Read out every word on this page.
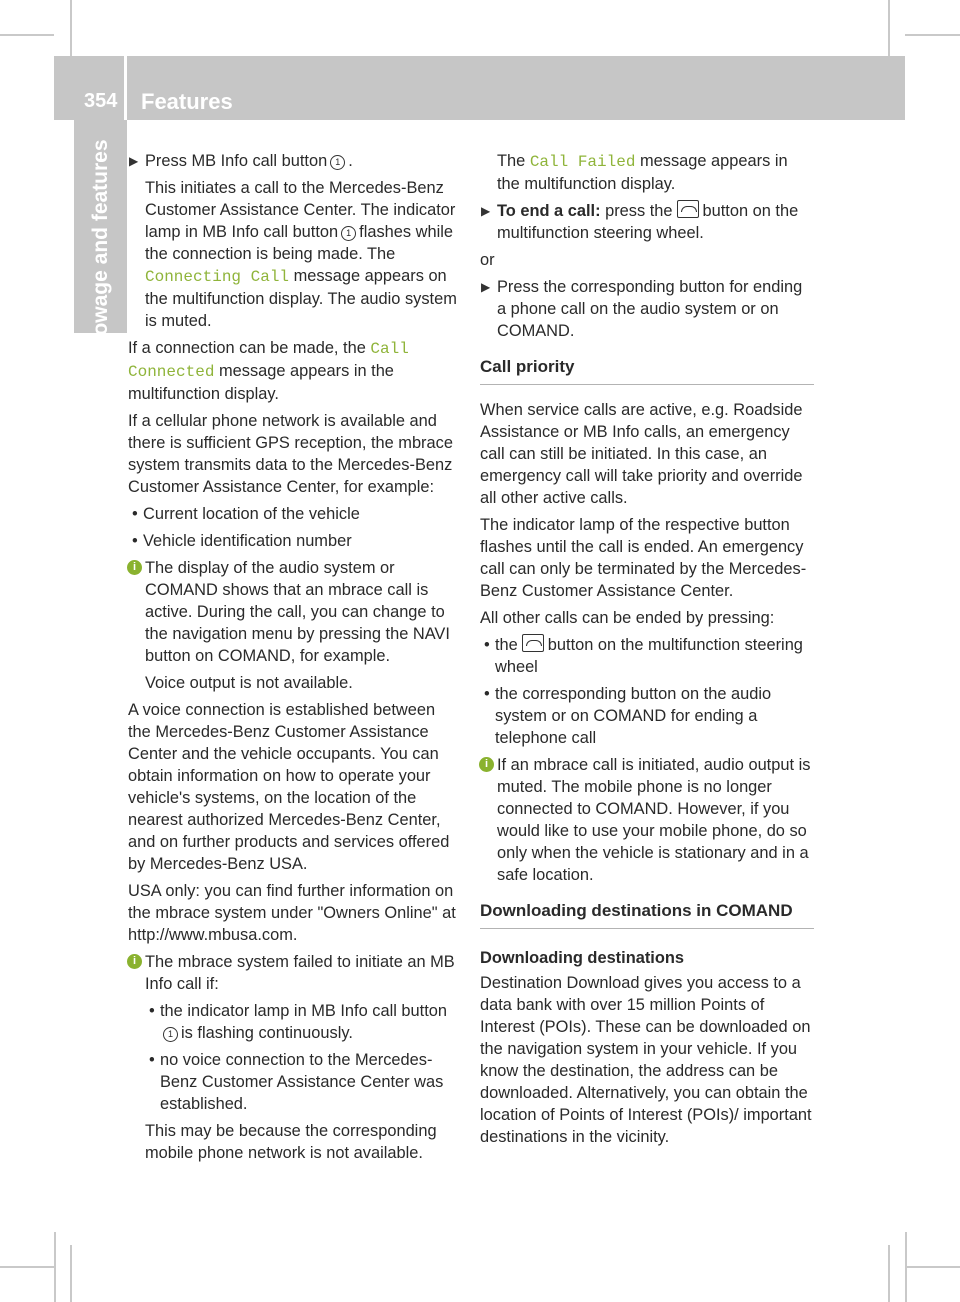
354 Features
Stowage and features ▶ Press MB Info call button 1 .

This initiates a call to the Mercedes-Benz Customer Assistance Center. The indicator lamp in MB Info call button 1 flashes while the connection is being made. The
Connecting Call message appears on the multifunction display. The audio system is muted.

If a connection can be made, the Call Connected message appears in the multifunction display.

If a cellular phone network is available and there is sufficient GPS reception, the mbrace system transmits data to the Mercedes-Benz Customer Assistance Center, for example:

• Current location of the vehicle
• Vehicle identification number
i The display of the audio system or COMAND shows that an mbrace call is active. During the call, you can change to the navigation menu by pressing the NAVI button on COMAND, for example.

Voice output is not available.

A voice connection is established between the Mercedes-Benz Customer Assistance Center and the vehicle occupants. You can obtain information on how to operate your vehicle's systems, on the location of the nearest authorized Mercedes-Benz Center, and on further products and services offered by Mercedes-Benz USA.

USA only: you can find further information on the mbrace system under "Owners Online" at http://www.mbusa.com.

i The mbrace system failed to initiate an MB Info call if:

• the indicator lamp in MB Info call button1 is flashing continuously.
• no voice connection to the Mercedes-Benz Customer Assistance Center was established.

This may be because the corresponding mobile phone network is not available.

The Call Failed message appears in the multifunction display.

▶ To end a call: press the button on the multifunction steering wheel.

or

▶ Press the corresponding button for ending a phone call on the audio system or on COMAND.
Call priority

When service calls are active, e.g. Roadside Assistance or MB Info calls, an emergency call can still be initiated. In this case, an emergency call will take priority and override all other active calls.

The indicator lamp of the respective button flashes until the call is ended. An emergency call can only be terminated by the Mercedes-Benz Customer Assistance Center.

All other calls can be ended by pressing:

• the button on the multifunction steering wheel
• the corresponding button on the audio system or on COMAND for ending a telephone call
i If an mbrace call is initiated, audio output is muted. The mobile phone is no longer connected to COMAND. However, if you would like to use your mobile phone, do so only when the vehicle is stationary and in a safe location.

Downloading destinations in COMAND
Downloading destinations

Destination Download gives you access to a data bank with over 15 million Points of Interest (POIs). These can be downloaded on the navigation system in your vehicle. If you know the destination, the address can be downloaded. Alternatively, you can obtain the location of Points of Interest (POIs)/ important destinations in the vicinity.
